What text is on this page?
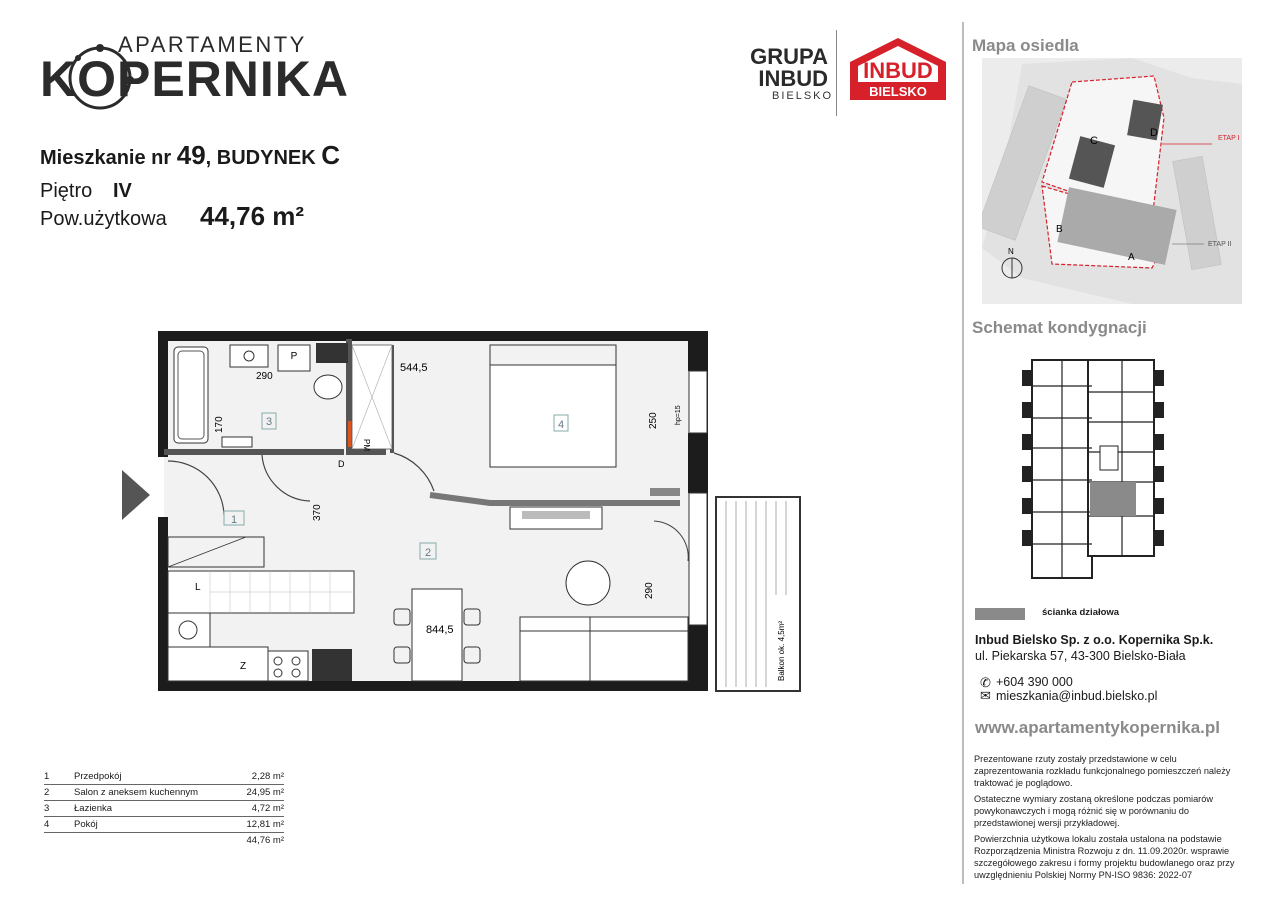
APARTAMENTY
KOPERNIKA	GRUPA
INBUD
BIELSKO
INBUD
BIELSKO
Mieszkanie nr 49, BUDYNEK C
Piętro IV
Pow.użytkowa 44,76 m²
P
290
170	3
PM
D
1
L
Z
370
2
844,5
290
4
544,5
250 hp=15
Balkon ok. 4,5m²
1	Przedpokój	2,28 m²
2	Salon z aneksem kuchennym	24,95 m²
3	Łazienka	4,72 m²
4	Pokój	12,81 m²
		44,76 m²
Mapa osiedla
D
C
B
A
ETAP I
ETAP II
N
Schemat kondygnacji
ścianka działowa
Inbud Bielsko Sp. z o.o. Kopernika Sp.k.
ul. Piekarska 57, 43-300 Bielsko-Biała
✆ +604 390 000
✉ mieszkania@inbud.bielsko.pl
www.apartamentykopernika.pl
Prezentowane rzuty zostały przedstawione w celu zaprezentowania rozkładu funkcjonalnego pomieszczeń należy traktować je poglądowo.
Ostateczne wymiary zostaną określone podczas pomiarów powykonawczych i mogą różnić się w porównaniu do przedstawionej wersji przykładowej.
Powierzchnia użytkowa lokalu została ustalona na podstawie Rozporządzenia Ministra Rozwoju z dn. 11.09.2020r. wsprawie szczegółowego zakresu i formy projektu budowlanego oraz przy uwzględnieniu Polskiej Normy PN-ISO 9836: 2022-07
